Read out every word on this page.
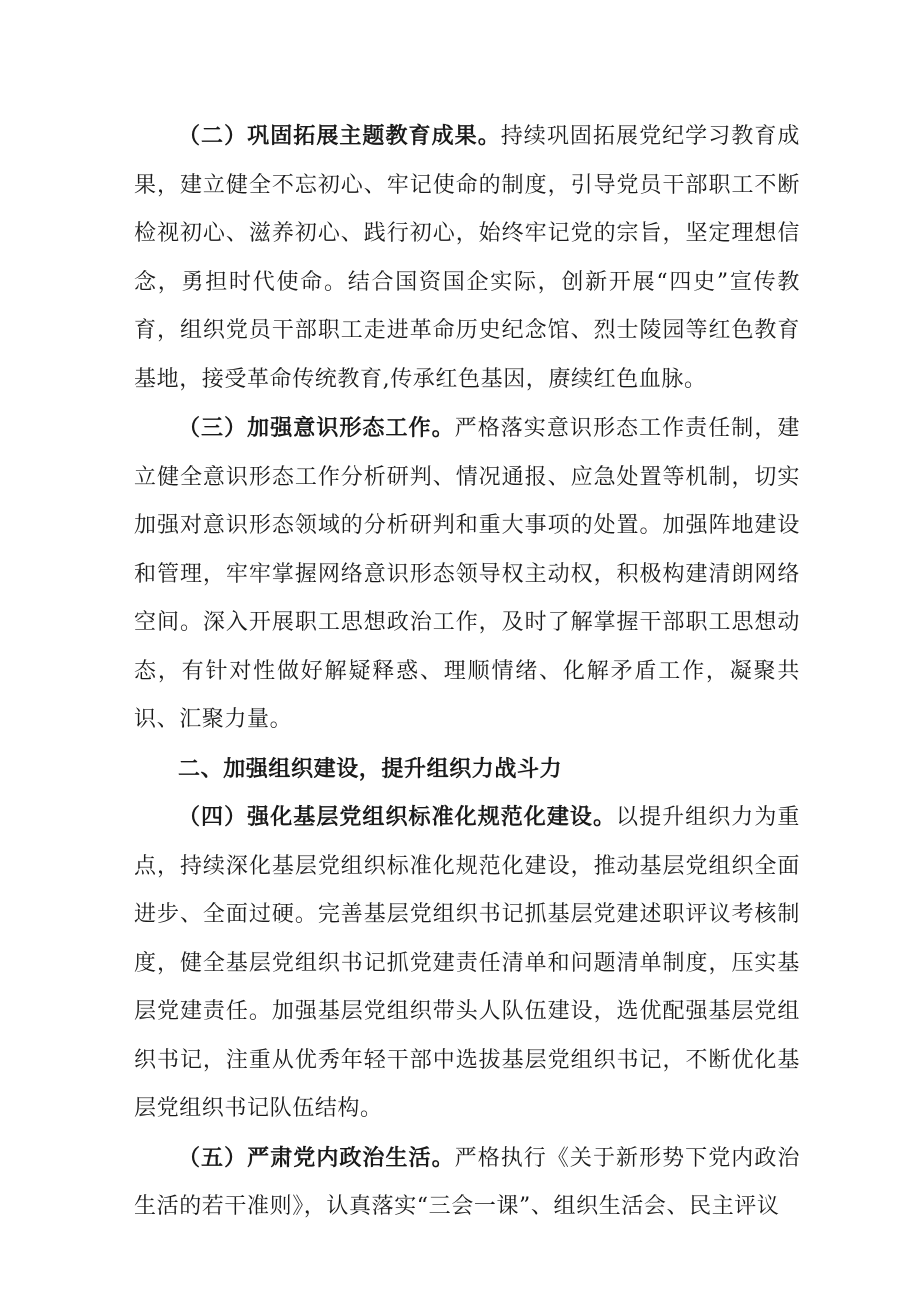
（二）巩固拓展主题教育成果。持续巩固拓展党纪学习教育成果，建立健全不忘初心、牢记使命的制度，引导党员干部职工不断检视初心、滋养初心、践行初心，始终牢记党的宗旨，坚定理想信念，勇担时代使命。结合国资国企实际，创新开展“四史”宣传教育，组织党员干部职工走进革命历史纪念馆、烈士陵园等红色教育基地，接受革命传统教育,传承红色基因，赓续红色血脉。

（三）加强意识形态工作。严格落实意识形态工作责任制，建立健全意识形态工作分析研判、情况通报、应急处置等机制，切实加强对意识形态领域的分析研判和重大事项的处置。加强阵地建设和管理，牢牢掌握网络意识形态领导权主动权，积极构建清朗网络空间。深入开展职工思想政治工作，及时了解掌握干部职工思想动态，有针对性做好解疑释惑、理顺情绪、化解矛盾工作，凝聚共识、汇聚力量。

二、加强组织建设，提升组织力战斗力

（四）强化基层党组织标准化规范化建设。以提升组织力为重点，持续深化基层党组织标准化规范化建设，推动基层党组织全面进步、全面过硬。完善基层党组织书记抓基层党建述职评议考核制度，健全基层党组织书记抓党建责任清单和问题清单制度，压实基层党建责任。加强基层党组织带头人队伍建设，选优配强基层党组织书记，注重从优秀年轻干部中选拔基层党组织书记，不断优化基层党组织书记队伍结构。

（五）严肃党内政治生活。严格执行《关于新形势下党内政治生活的若干准则》，认真落实“三会一课”、组织生活会、民主评议
